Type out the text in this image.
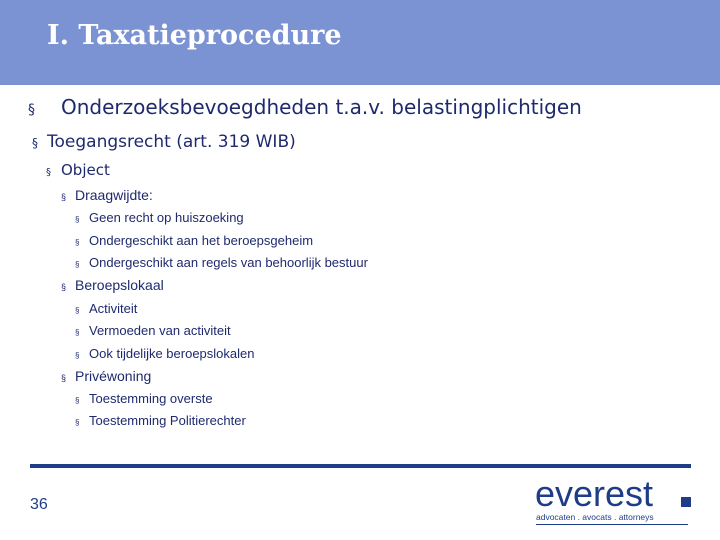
I. Taxatieprocedure
§	Onderzoeksbevoegdheden t.a.v. belastingplichtigen
§ Toegangsrecht (art. 319 WIB)
§ Object
§ Draagwijdte:
§ Geen recht op huiszoeking
§ Ondergeschikt aan het beroepsgeheim
§ Ondergeschikt aan regels van behoorlijk bestuur
§ Beroepslokaal
§ Activiteit
§ Vermoeden van activiteit
§ Ook tijdelijke beroepslokalen
§ Privéwoning
§ Toestemming overste
§ Toestemming Politierechter
36	everest
advocaten . avocats . attorneys
